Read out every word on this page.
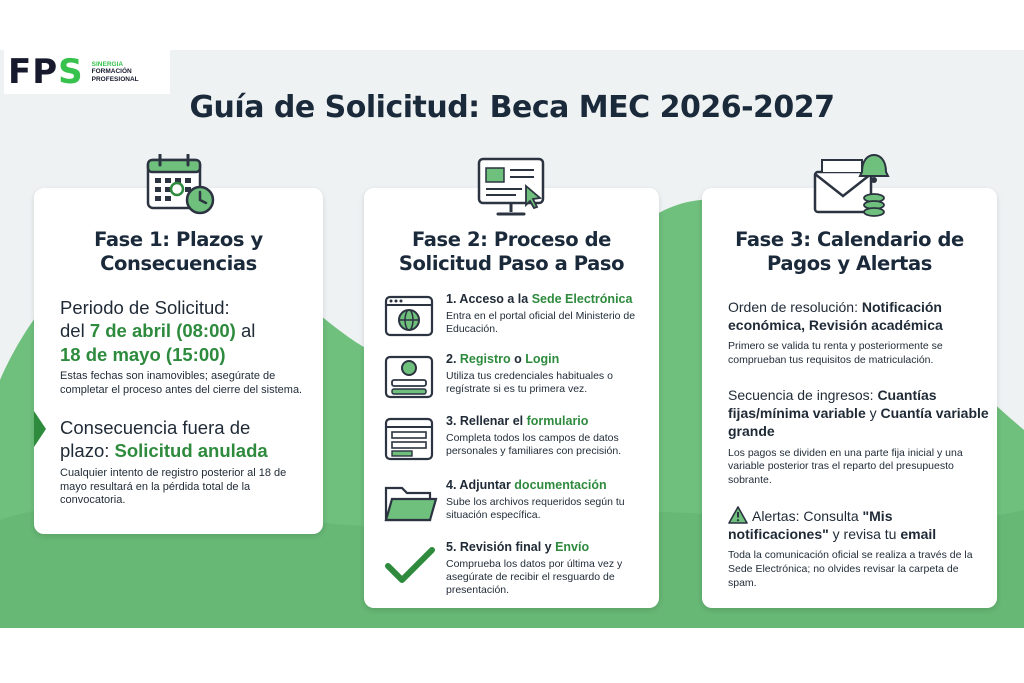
FPS SINERGIA
FORMACIÓN
PROFESIONAL
Guía de Solicitud: Beca MEC 2026-2027
Fase 1: Plazos y
Consecuencias
Periodo de Solicitud:
del 7 de abril (08:00) al
18 de mayo (15:00)
Estas fechas son inamovibles; asegúrate de completar el proceso antes del cierre del sistema.
Consecuencia fuera de
plazo: Solicitud anulada
Cualquier intento de registro posterior al 18 de mayo resultará en la pérdida total de la convocatoria.
Fase 2: Proceso de
Solicitud Paso a Paso
1. Acceso a la Sede Electrónica
Entra en el portal oficial del Ministerio de Educación.
2. Registro o Login
Utiliza tus credenciales habituales o regístrate si es tu primera vez.
3. Rellenar el formulario
Completa todos los campos de datos personales y familiares con precisión.
4. Adjuntar documentación
Sube los archivos requeridos según tu situación específica.
5. Revisión final y Envío
Comprueba los datos por última vez y asegúrate de recibir el resguardo de presentación.
Fase 3: Calendario de
Pagos y Alertas
Orden de resolución: Notificación económica, Revisión académica
Primero se valida tu renta y posteriormente se comprueban tus requisitos de matriculación.
Secuencia de ingresos: Cuantías fijas/mínima variable y Cuantía variable grande
Los pagos se dividen en una parte fija inicial y una variable posterior tras el reparto del presupuesto sobrante.
Alertas: Consulta "Mis notificaciones" y revisa tu email
Toda la comunicación oficial se realiza a través de la Sede Electrónica; no olvides revisar la carpeta de spam.
